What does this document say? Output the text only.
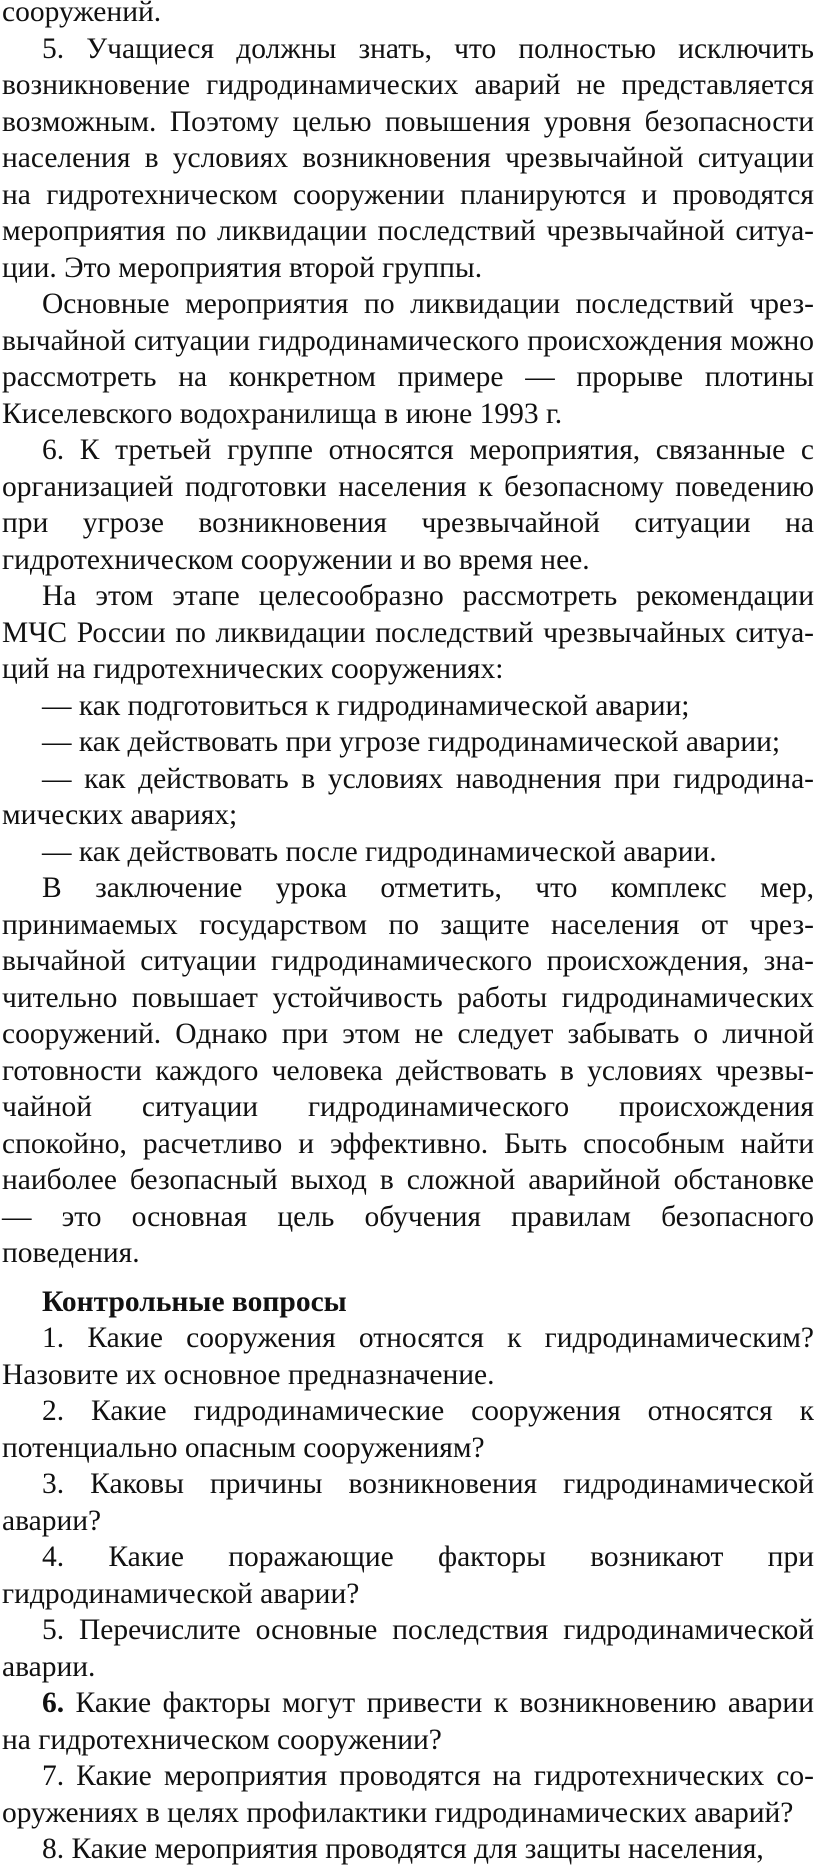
сооружений.

5. Учащиеся должны знать, что полностью исключить возникновение гидродинамических аварий не представляется возможным. Поэтому целью повышения уровня безопасности населения в условиях возникновения чрезвычайной ситуации на гидротехническом сооружении планируются и проводятся мероприятия по ликвидации последствий чрезвычайной ситуации. Это мероприятия второй группы.

Основные мероприятия по ликвидации последствий чрезвычайной ситуации гидродинамического происхождения можно рассмотреть на конкретном примере — прорыве плотины Киселевского водохранилища в июне 1993 г.

6. К третьей группе относятся мероприятия, связанные с организацией подготовки населения к безопасному поведению при угрозе возникновения чрезвычайной ситуации на гидротехническом сооружении и во время нее.

На этом этапе целесообразно рассмотреть рекомендации МЧС России по ликвидации последствий чрезвычайных ситуаций на гидротехнических сооружениях:

— как подготовиться к гидродинамической аварии;

— как действовать при угрозе гидродинамической аварии;

— как действовать в условиях наводнения при гидродинамических авариях;

— как действовать после гидродинамической аварии.

В заключение урока отметить, что комплекс мер, принимаемых государством по защите населения от чрезвычайной ситуации гидродинамического происхождения, значительно повышает устойчивость работы гидродинамических сооружений. Однако при этом не следует забывать о личной готовности каждого человека действовать в условиях чрезвычайной ситуации гидродинамического происхождения спокойно, расчетливо и эффективно. Быть способным найти наиболее безопасный выход в сложной аварийной обстановке — это основная цель обучения правилам безопасного поведения.

Контрольные вопросы

1. Какие сооружения относятся к гидродинамическим? Назовите их основное предназначение.

2. Какие гидродинамические сооружения относятся к потенциально опасным сооружениям?

3. Каковы причины возникновения гидродинамической аварии?

4. Какие поражающие факторы возникают при гидродинамической аварии?

5. Перечислите основные последствия гидродинамической аварии.

6. Какие факторы могут привести к возникновению аварии на гидротехническом сооружении?

7. Какие мероприятия проводятся на гидротехнических сооружениях в целях профилактики гидродинамических аварий?

8. Какие мероприятия проводятся для защиты населения,
